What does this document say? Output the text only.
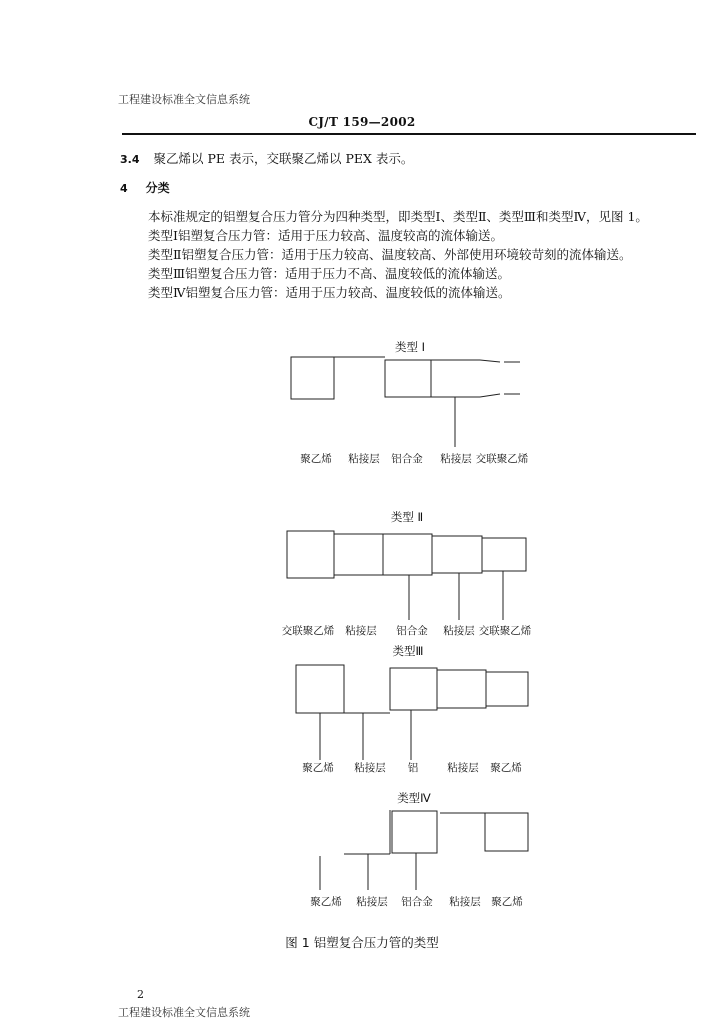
工程建设标准全文信息系统
CJ/T 159—2002
3.4 聚乙烯以 PE 表示，交联聚乙烯以 PEX 表示。
4 分类
本标准规定的铝塑复合压力管分为四种类型，即类型Ⅰ、类型Ⅱ、类型Ⅲ和类型Ⅳ，见图 1。
类型Ⅰ铝塑复合压力管：适用于压力较高、温度较高的流体输送。
类型Ⅱ铝塑复合压力管：适用于压力较高、温度较高、外部使用环境较苛刻的流体输送。
类型Ⅲ铝塑复合压力管：适用于压力不高、温度较低的流体输送。
类型Ⅳ铝塑复合压力管：适用于压力较高、温度较低的流体输送。
类型 Ⅰ
聚乙烯 粘接层 铝合金 粘接层 交联聚乙烯
类型 Ⅱ
交联聚乙烯 粘接层 铝合金 粘接层 交联聚乙烯
类型Ⅲ
聚乙烯 粘接层 铝	粘接层 聚乙烯
类型Ⅳ
聚乙烯 粘接层 铝合金 粘接层 聚乙烯
图 1 铝塑复合压力管的类型
2
工程建设标准全文信息系统
